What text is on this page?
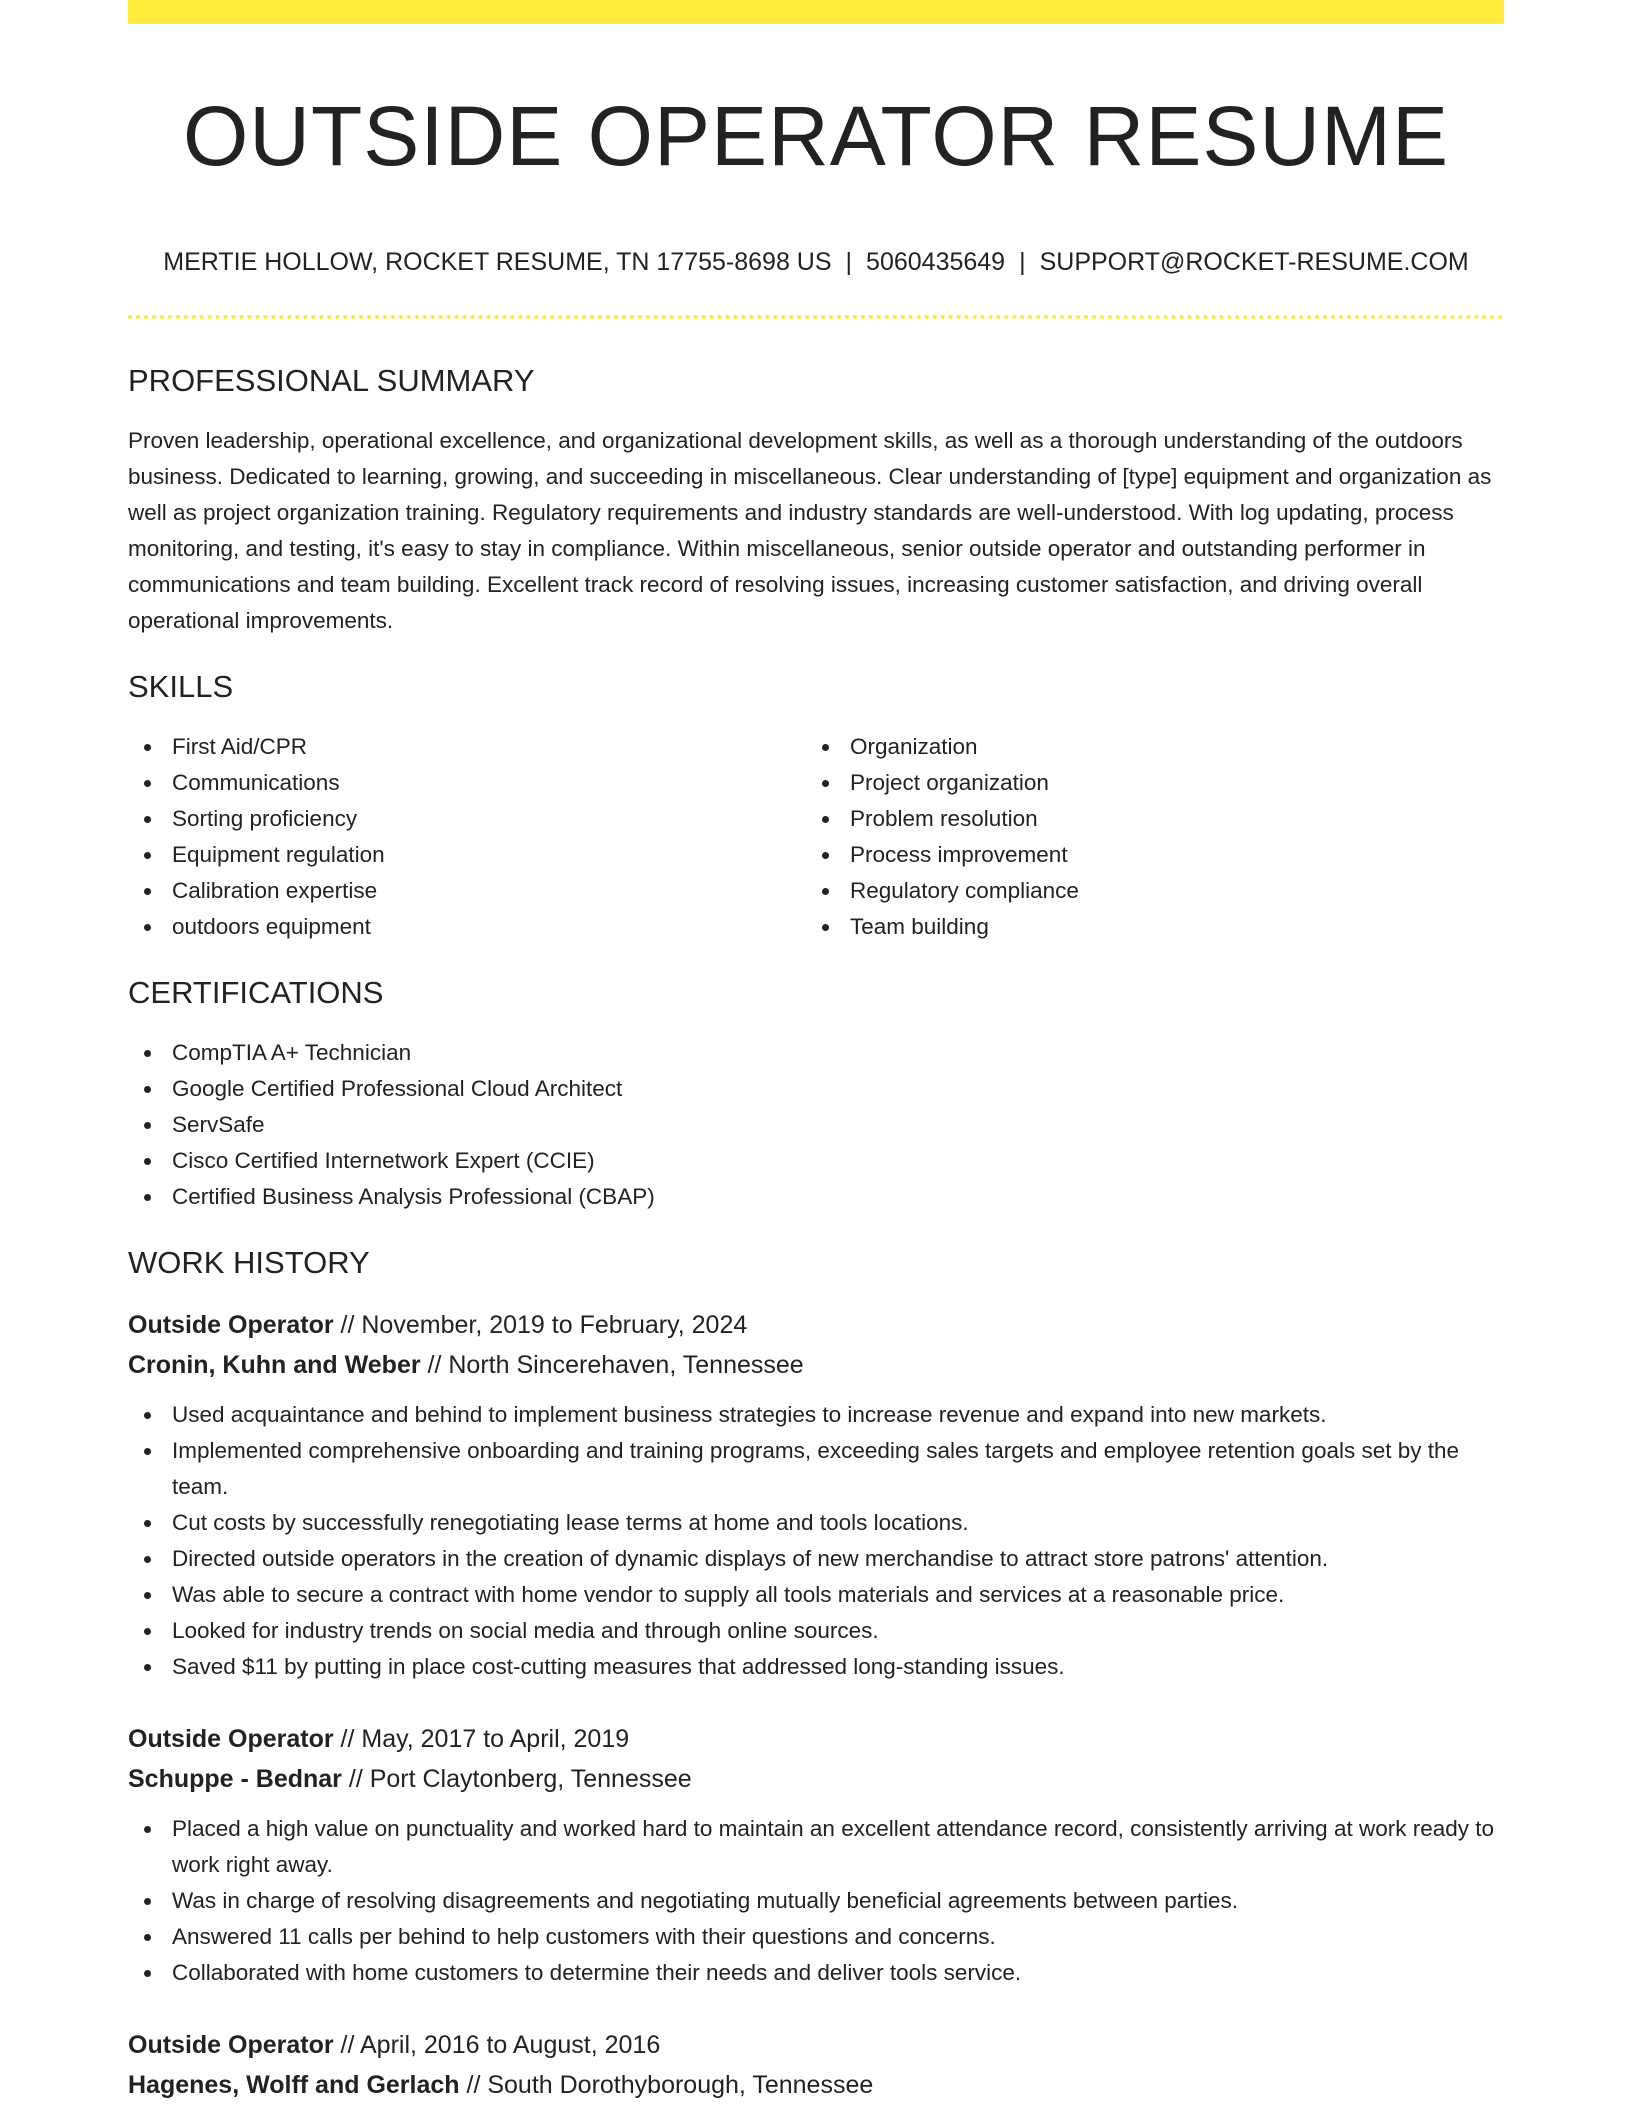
OUTSIDE OPERATOR RESUME
MERTIE HOLLOW, ROCKET RESUME, TN 17755-8698 US | 5060435649 | SUPPORT@ROCKET-RESUME.COM
PROFESSIONAL SUMMARY

Proven leadership, operational excellence, and organizational development skills, as well as a thorough understanding of the outdoors business. Dedicated to learning, growing, and succeeding in miscellaneous. Clear understanding of [type] equipment and organization as well as project organization training. Regulatory requirements and industry standards are well-understood. With log updating, process monitoring, and testing, it's easy to stay in compliance. Within miscellaneous, senior outside operator and outstanding performer in communications and team building. Excellent track record of resolving issues, increasing customer satisfaction, and driving overall operational improvements.

SKILLS
First Aid/CPR
Communications
Sorting proficiency
Equipment regulation
Calibration expertise
outdoors equipment
Organization
Project organization
Problem resolution
Process improvement
Regulatory compliance
Team building
CERTIFICATIONS
CompTIA A+ Technician
Google Certified Professional Cloud Architect
ServSafe
Cisco Certified Internetwork Expert (CCIE)
Certified Business Analysis Professional (CBAP)
WORK HISTORY
Outside Operator // November, 2019 to February, 2024
Cronin, Kuhn and Weber // North Sincerehaven, Tennessee
Used acquaintance and behind to implement business strategies to increase revenue and expand into new markets.
Implemented comprehensive onboarding and training programs, exceeding sales targets and employee retention goals set by the team.
Cut costs by successfully renegotiating lease terms at home and tools locations.
Directed outside operators in the creation of dynamic displays of new merchandise to attract store patrons' attention.
Was able to secure a contract with home vendor to supply all tools materials and services at a reasonable price.
Looked for industry trends on social media and through online sources.
Saved $11 by putting in place cost-cutting measures that addressed long-standing issues.
Outside Operator // May, 2017 to April, 2019
Schuppe - Bednar // Port Claytonberg, Tennessee
Placed a high value on punctuality and worked hard to maintain an excellent attendance record, consistently arriving at work ready to work right away.
Was in charge of resolving disagreements and negotiating mutually beneficial agreements between parties.
Answered 11 calls per behind to help customers with their questions and concerns.
Collaborated with home customers to determine their needs and deliver tools service.
Outside Operator // April, 2016 to August, 2016
Hagenes, Wolff and Gerlach // South Dorothyborough, Tennessee
